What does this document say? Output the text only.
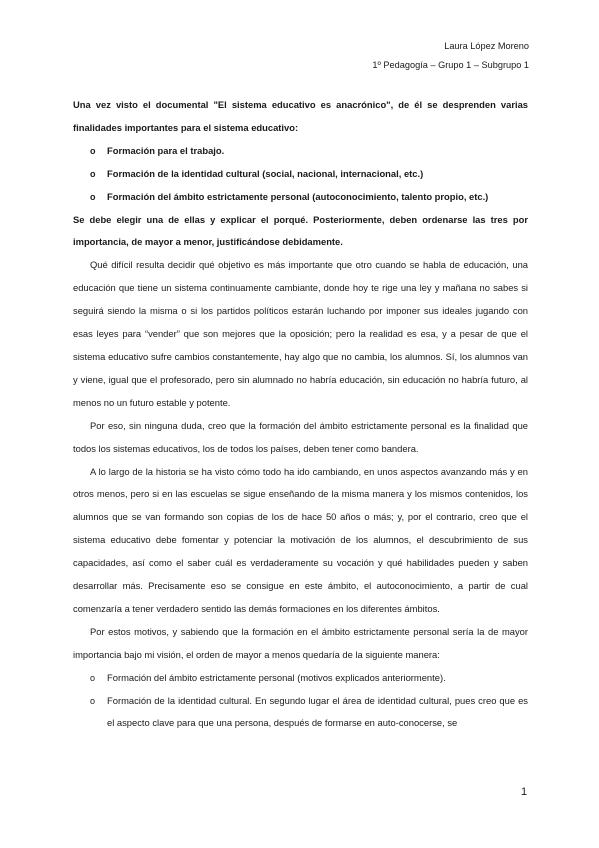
Laura López Moreno
1º Pedagogía – Grupo 1 – Subgrupo 1

Una vez visto el documental "El sistema educativo es anacrónico", de él se desprenden varias finalidades importantes para el sistema educativo:

o Formación para el trabajo.

o Formación de la identidad cultural (social, nacional, internacional, etc.)

o Formación del ámbito estrictamente personal (autoconocimiento, talento propio, etc.)

Se debe elegir una de ellas y explicar el porqué. Posteriormente, deben ordenarse las tres por importancia, de mayor a menor, justificándose debidamente.

Qué difícil resulta decidir qué objetivo es más importante que otro cuando se habla de educación, una educación que tiene un sistema continuamente cambiante, donde hoy te rige una ley y mañana no sabes si seguirá siendo la misma o si los partidos políticos estarán luchando por imponer sus ideales jugando con esas leyes para “vender” que son mejores que la oposición; pero la realidad es esa, y a pesar de que el sistema educativo sufre cambios constantemente, hay algo que no cambia, los alumnos. Sí, los alumnos van y viene, igual que el profesorado, pero sin alumnado no habría educación, sin educación no habría futuro, al menos no un futuro estable y potente.

Por eso, sin ninguna duda, creo que la formación del ámbito estrictamente personal es la finalidad que todos los sistemas educativos, los de todos los países, deben tener como bandera.

A lo largo de la historia se ha visto cómo todo ha ido cambiando, en unos aspectos avanzando más y en otros menos, pero si en las escuelas se sigue enseñando de la misma manera y los mismos contenidos, los alumnos que se van formando son copias de los de hace 50 años o más; y, por el contrario, creo que el sistema educativo debe fomentar y potenciar la motivación de los alumnos, el descubrimiento de sus capacidades, así como el saber cuál es verdaderamente su vocación y qué habilidades pueden y saben desarrollar más. Precisamente eso se consigue en este ámbito, el autoconocimiento, a partir de cual comenzaría a tener verdadero sentido las demás formaciones en los diferentes ámbitos.

Por estos motivos, y sabiendo que la formación en el ámbito estrictamente personal sería la de mayor importancia bajo mi visión, el orden de mayor a menos quedaría de la siguiente manera:

o Formación del ámbito estrictamente personal (motivos explicados anteriormente).

o Formación de la identidad cultural. En segundo lugar el área de identidad cultural, pues creo que es el aspecto clave para que una persona, después de formarse en auto-conocerse, se

1
